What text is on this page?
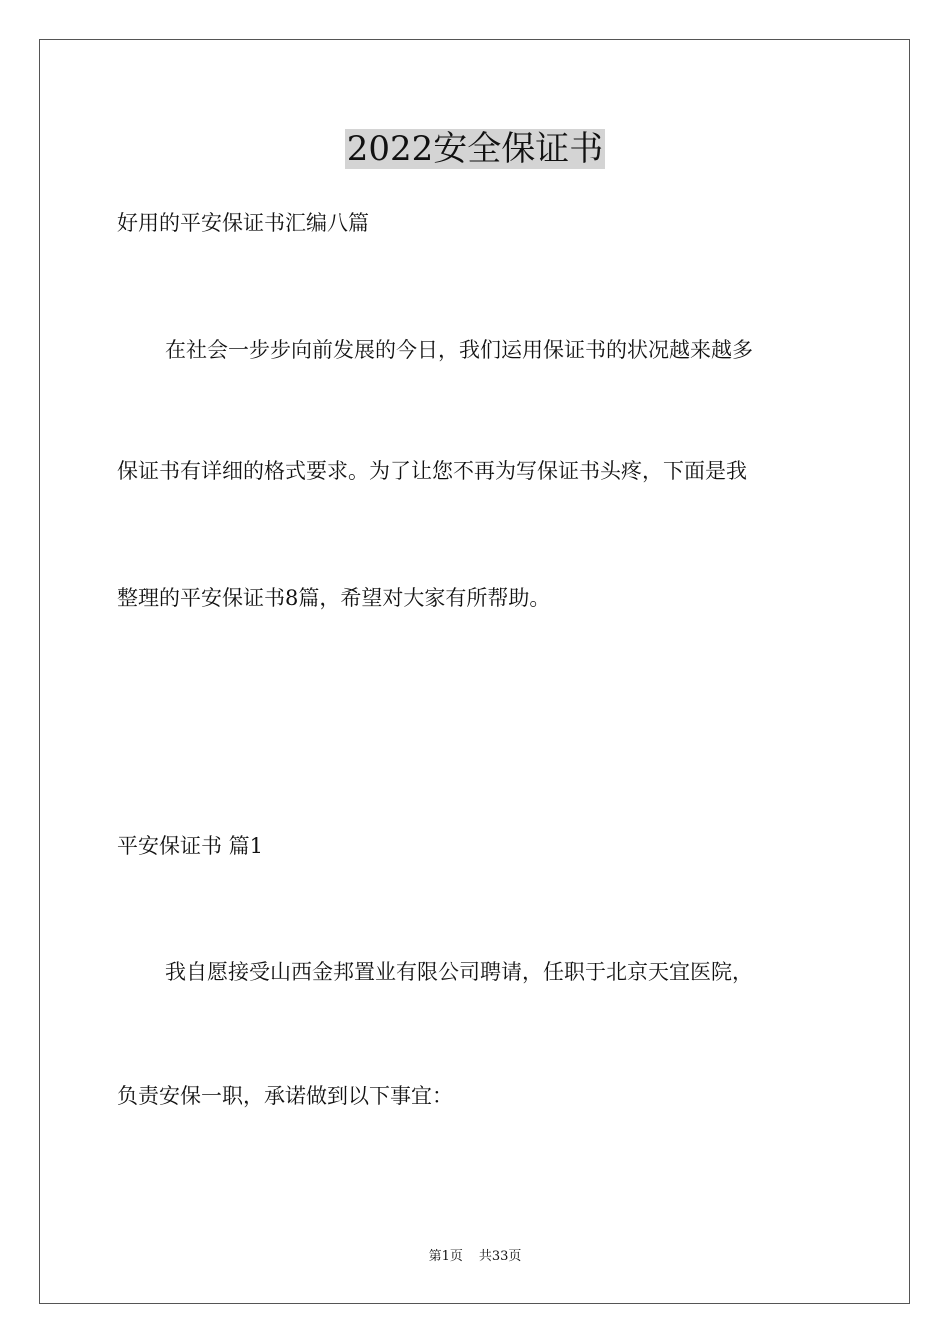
2022安全保证书

好用的平安保证书汇编八篇

在社会一步步向前发展的今日，我们运用保证书的状况越来越多

保证书有详细的格式要求。为了让您不再为写保证书头疼，下面是我

整理的平安保证书8篇，希望对大家有所帮助。

平安保证书 篇1

我自愿接受山西金邦置业有限公司聘请，任职于北京天宜医院，

负责安保一职，承诺做到以下事宜：

第1页 共33页
